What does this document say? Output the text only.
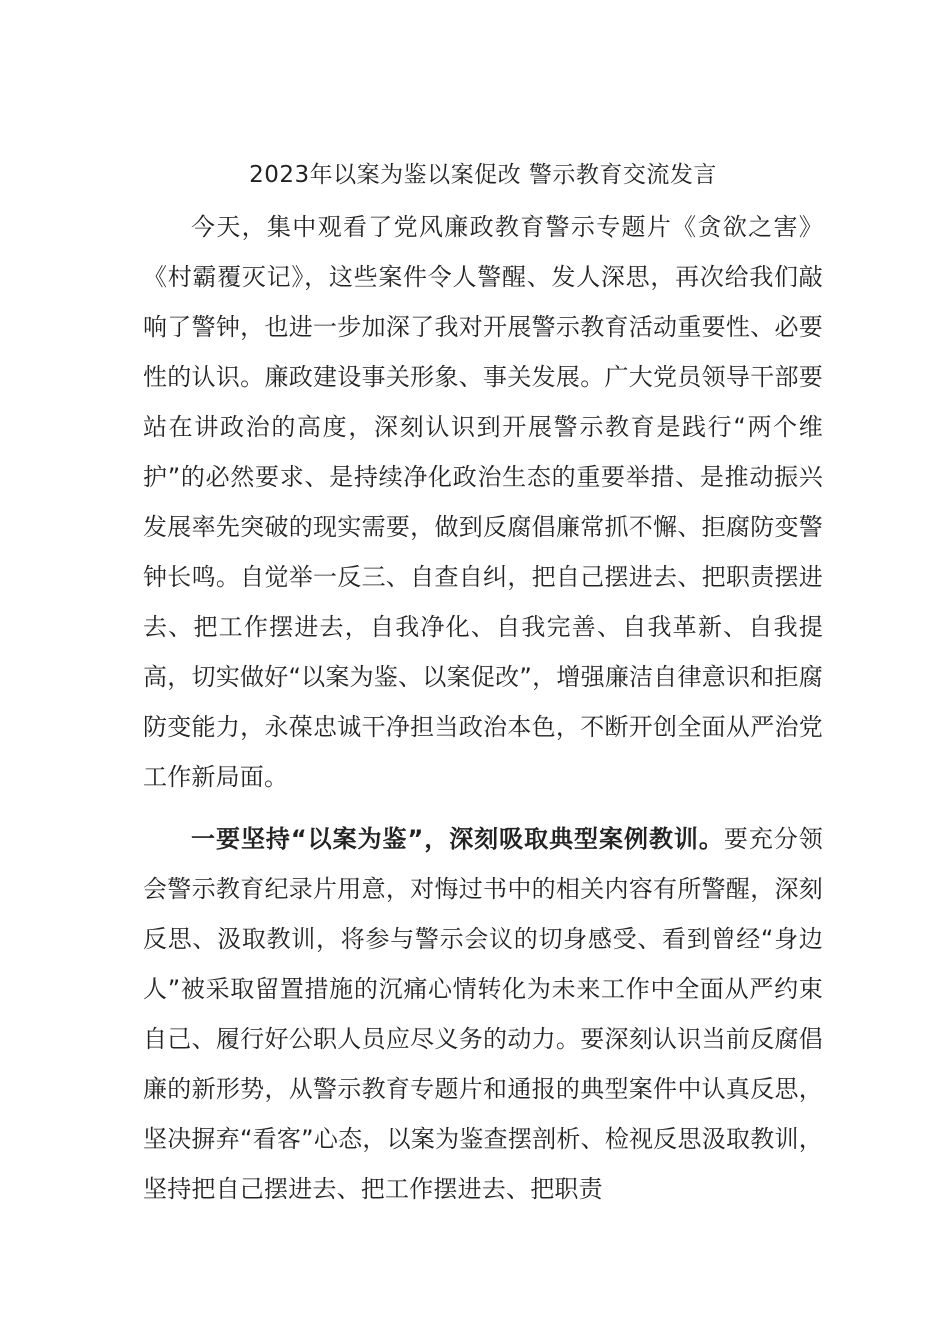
2023年以案为鉴以案促改 警示教育交流发言

今天，集中观看了党风廉政教育警示专题片《贪欲之害》《村霸覆灭记》，这些案件令人警醒、发人深思，再次给我们敲响了警钟，也进一步加深了我对开展警示教育活动重要性、必要性的认识。廉政建设事关形象、事关发展。广大党员领导干部要站在讲政治的高度，深刻认识到开展警示教育是践行“两个维护”的必然要求、是持续净化政治生态的重要举措、是推动振兴发展率先突破的现实需要，做到反腐倡廉常抓不懈、拒腐防变警钟长鸣。自觉举一反三、自查自纠，把自己摆进去、把职责摆进去、把工作摆进去，自我净化、自我完善、自我革新、自我提高，切实做好“以案为鉴、以案促改”，增强廉洁自律意识和拒腐防变能力，永葆忠诚干净担当政治本色，不断开创全面从严治党工作新局面。

一要坚持“以案为鉴”，深刻吸取典型案例教训。要充分领会警示教育纪录片用意，对悔过书中的相关内容有所警醒，深刻反思、汲取教训，将参与警示会议的切身感受、看到曾经“身边人”被采取留置措施的沉痛心情转化为未来工作中全面从严约束自己、履行好公职人员应尽义务的动力。要深刻认识当前反腐倡廉的新形势，从警示教育专题片和通报的典型案件中认真反思，坚决摒弃“看客”心态，以案为鉴查摆剖析、检视反思汲取教训，坚持把自己摆进去、把工作摆进去、把职责
